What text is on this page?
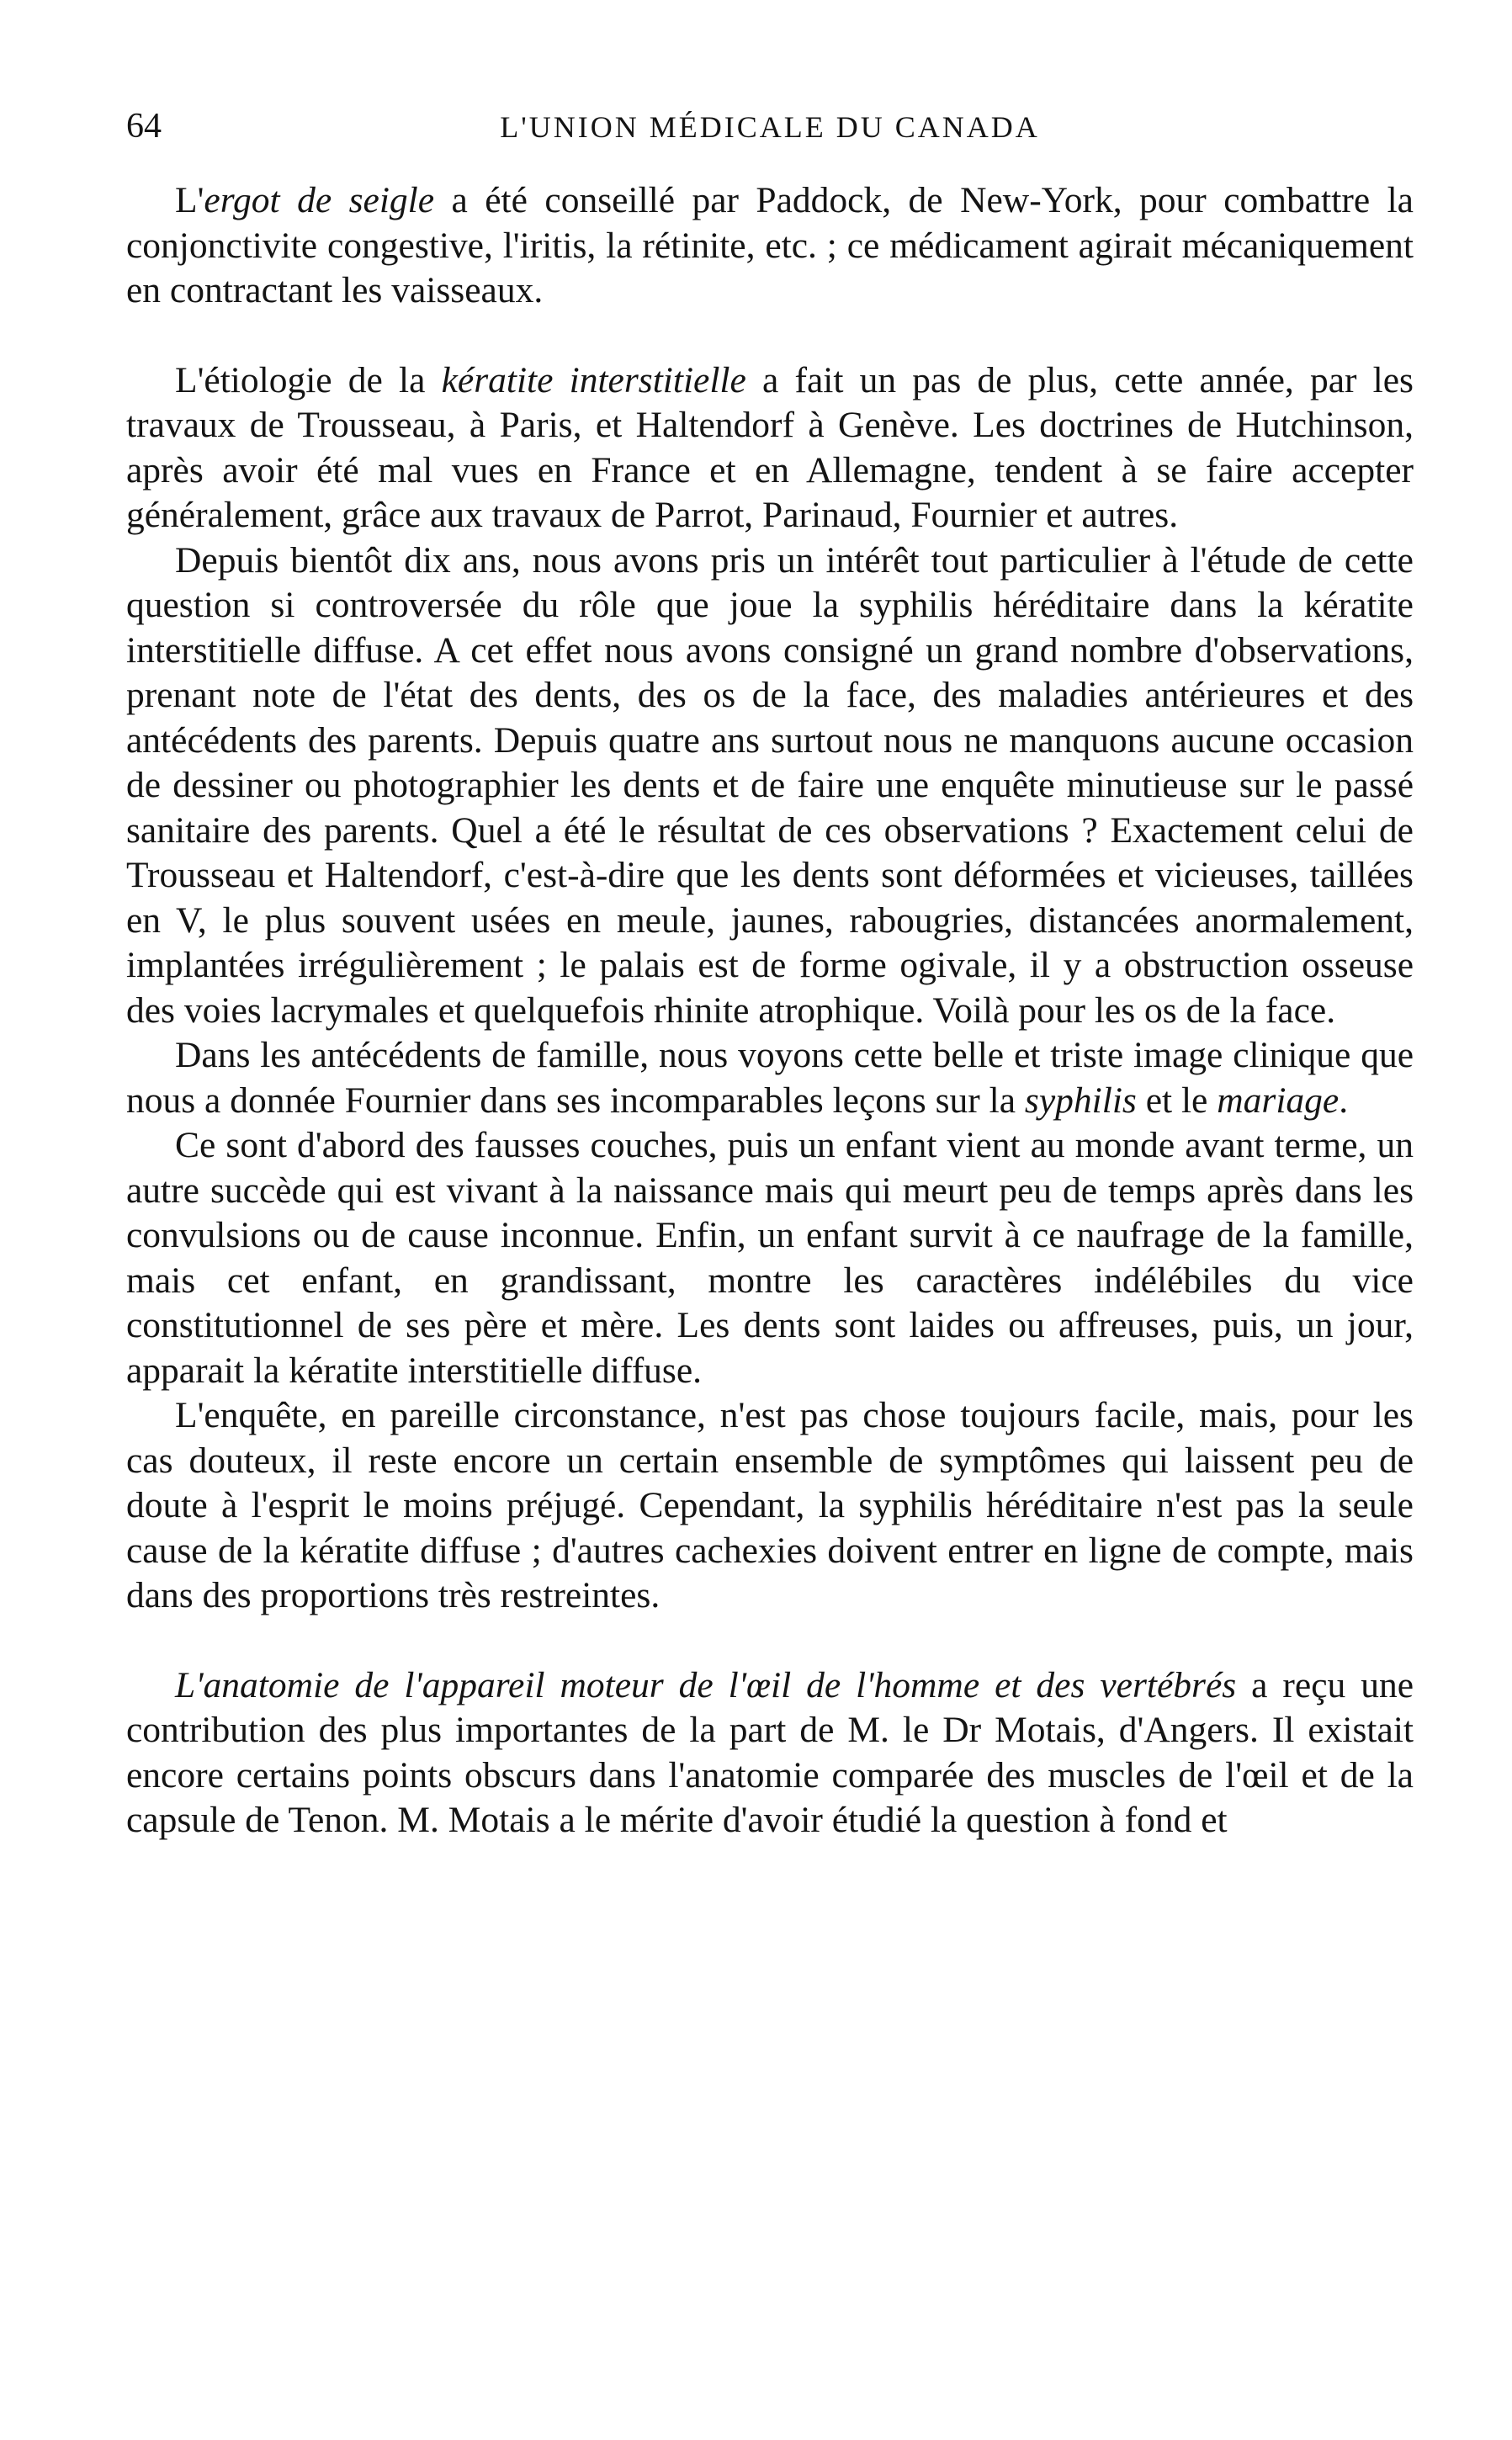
64	L'UNION MÉDICALE DU CANADA

L'ergot de seigle a été conseillé par Paddock, de New-York, pour combattre la conjonctivite congestive, l'iritis, la rétinite, etc. ; ce médicament agirait mécaniquement en contractant les vaisseaux.

L'étiologie de la kératite interstitielle a fait un pas de plus, cette année, par les travaux de Trousseau, à Paris, et Haltendorf à Genève. Les doctrines de Hutchinson, après avoir été mal vues en France et en Allemagne, tendent à se faire accepter généralement, grâce aux travaux de Parrot, Parinaud, Fournier et autres.

Depuis bientôt dix ans, nous avons pris un intérêt tout particulier à l'étude de cette question si controversée du rôle que joue la syphilis héréditaire dans la kératite interstitielle diffuse. A cet effet nous avons consigné un grand nombre d'observations, prenant note de l'état des dents, des os de la face, des maladies antérieures et des antécédents des parents. Depuis quatre ans surtout nous ne manquons aucune occasion de dessiner ou photographier les dents et de faire une enquête minutieuse sur le passé sanitaire des parents. Quel a été le résultat de ces observations ? Exactement celui de Trousseau et Haltendorf, c'est-à-dire que les dents sont déformées et vicieuses, taillées en V, le plus souvent usées en meule, jaunes, rabougries, distancées anormalement, implantées irrégulièrement ; le palais est de forme ogivale, il y a obstruction osseuse des voies lacrymales et quelquefois rhinite atrophique. Voilà pour les os de la face.

Dans les antécédents de famille, nous voyons cette belle et triste image clinique que nous a donnée Fournier dans ses incomparables leçons sur la syphilis et le mariage.

Ce sont d'abord des fausses couches, puis un enfant vient au monde avant terme, un autre succède qui est vivant à la naissance mais qui meurt peu de temps après dans les convulsions ou de cause inconnue. Enfin, un enfant survit à ce naufrage de la famille, mais cet enfant, en grandissant, montre les caractères indélébiles du vice constitutionnel de ses père et mère. Les dents sont laides ou affreuses, puis, un jour, apparait la kératite interstitielle diffuse.

L'enquête, en pareille circonstance, n'est pas chose toujours facile, mais, pour les cas douteux, il reste encore un certain ensemble de symptômes qui laissent peu de doute à l'esprit le moins préjugé. Cependant, la syphilis héréditaire n'est pas la seule cause de la kératite diffuse ; d'autres cachexies doivent entrer en ligne de compte, mais dans des proportions très restreintes.

L'anatomie de l'appareil moteur de l'œil de l'homme et des vertébrés a reçu une contribution des plus importantes de la part de M. le Dr Motais, d'Angers. Il existait encore certains points obscurs dans l'anatomie comparée des muscles de l'œil et de la capsule de Tenon. M. Motais a le mérite d'avoir étudié la question à fond et
